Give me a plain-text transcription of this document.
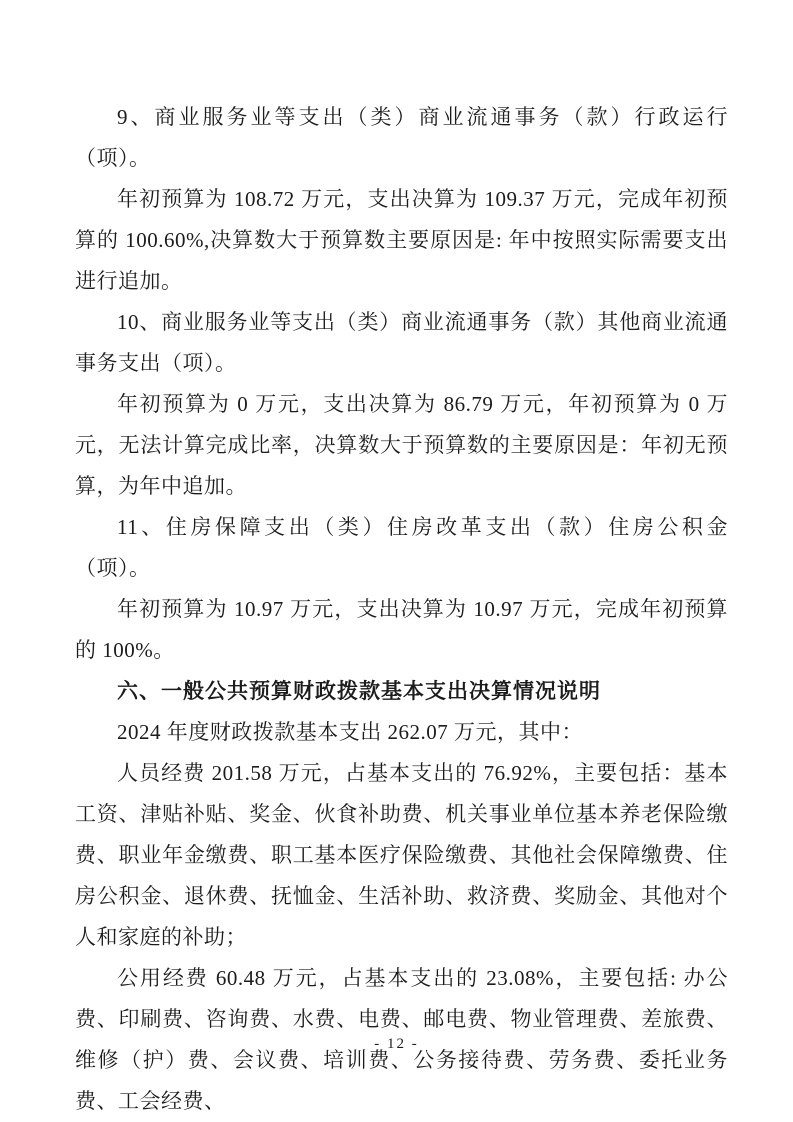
9、商业服务业等支出（类）商业流通事务（款）行政运行（项）。

年初预算为 108.72 万元，支出决算为 109.37 万元，完成年初预算的 100.60%,决算数大于预算数主要原因是: 年中按照实际需要支出进行追加。

10、商业服务业等支出（类）商业流通事务（款）其他商业流通事务支出（项）。

年初预算为 0 万元，支出决算为 86.79 万元，年初预算为 0 万元，无法计算完成比率，决算数大于预算数的主要原因是：年初无预算，为年中追加。

11、住房保障支出（类）住房改革支出（款）住房公积金（项）。

年初预算为 10.97 万元，支出决算为 10.97 万元，完成年初预算的 100%。

六、一般公共预算财政拨款基本支出决算情况说明

2024 年度财政拨款基本支出 262.07 万元，其中：

人员经费 201.58 万元，占基本支出的 76.92%，主要包括：基本工资、津贴补贴、奖金、伙食补助费、机关事业单位基本养老保险缴费、职业年金缴费、职工基本医疗保险缴费、其他社会保障缴费、住房公积金、退休费、抚恤金、生活补助、救济费、奖励金、其他对个人和家庭的补助；

公用经费 60.48 万元，占基本支出的 23.08%，主要包括: 办公费、印刷费、咨询费、水费、电费、邮电费、物业管理费、差旅费、维修（护）费、会议费、培训费、公务接待费、劳务费、委托业务费、工会经费、

- 12 -
